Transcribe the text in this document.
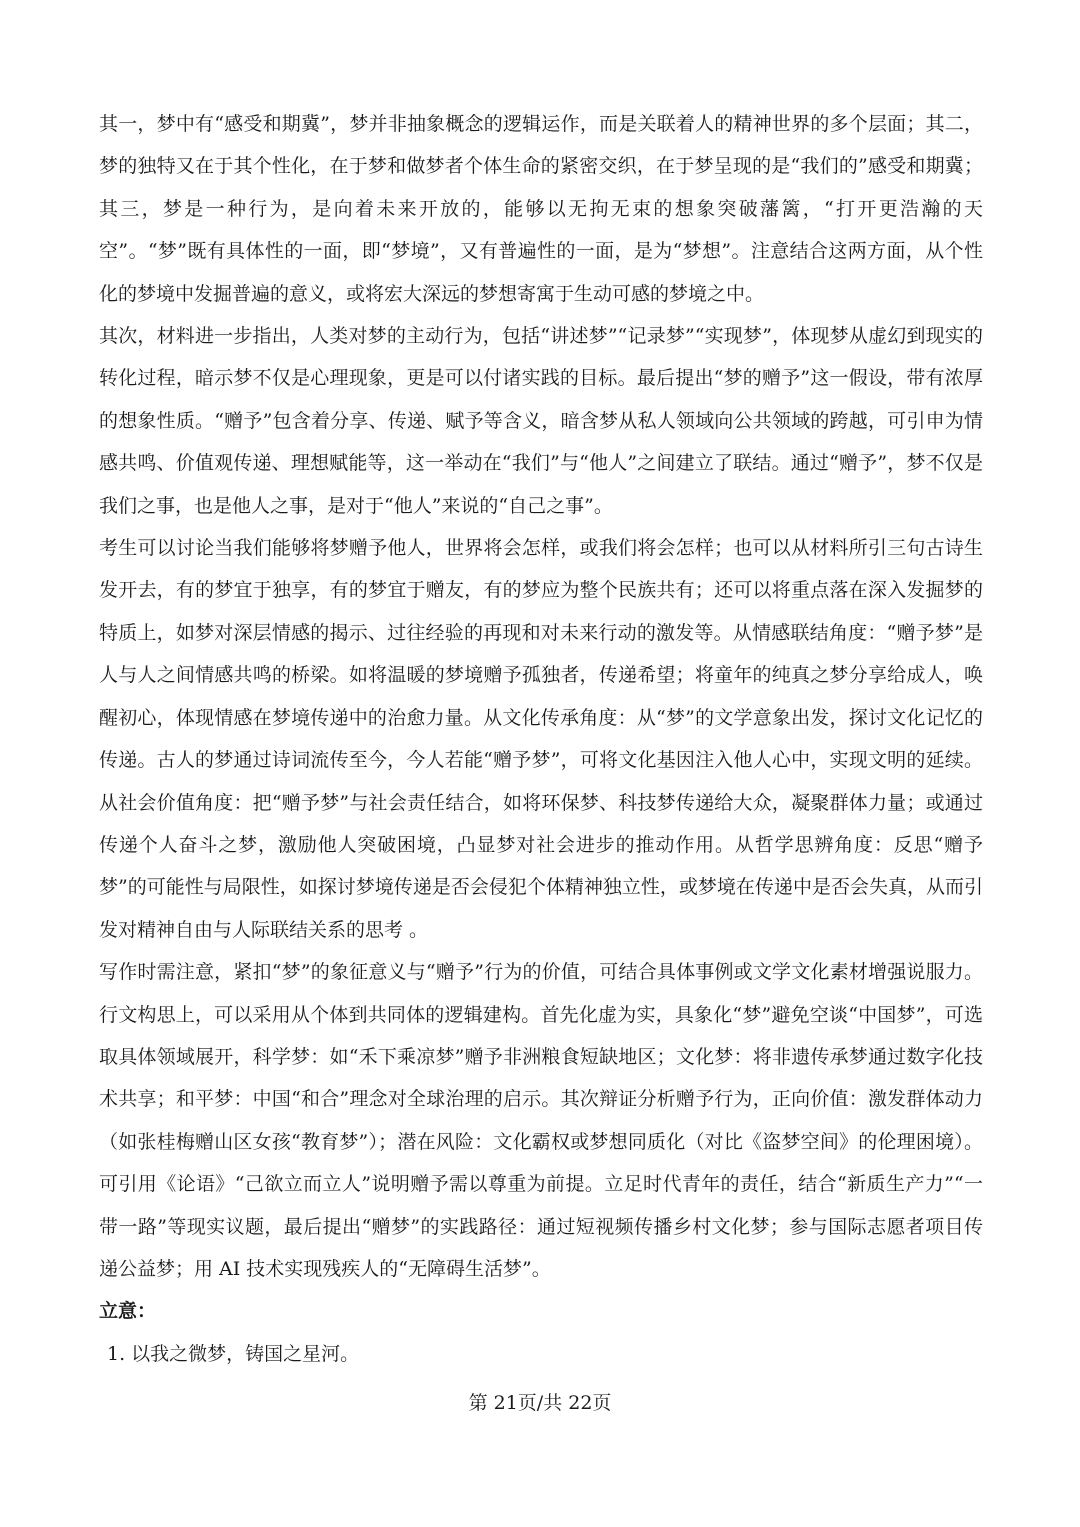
其一，梦中有“感受和期冀”，梦并非抽象概念的逻辑运作，而是关联着人的精神世界的多个层面；其二，梦的独特又在于其个性化，在于梦和做梦者个体生命的紧密交织，在于梦呈现的是“我们的”感受和期冀；其三，梦是一种行为，是向着未来开放的，能够以无拘无束的想象突破藩篱，“打开更浩瀚的天空”。“梦”既有具体性的一面，即“梦境”，又有普遍性的一面，是为“梦想”。注意结合这两方面，从个性化的梦境中发掘普遍的意义，或将宏大深远的梦想寄寓于生动可感的梦境之中。

其次，材料进一步指出，人类对梦的主动行为，包括“讲述梦”“记录梦”“实现梦”，体现梦从虚幻到现实的转化过程，暗示梦不仅是心理现象，更是可以付诸实践的目标。最后提出“梦的赠予”这一假设，带有浓厚的想象性质。“赠予”包含着分享、传递、赋予等含义，暗含梦从私人领域向公共领域的跨越，可引申为情感共鸣、价值观传递、理想赋能等，这一举动在“我们”与“他人”之间建立了联结。通过“赠予”，梦不仅是我们之事，也是他人之事，是对于“他人”来说的“自己之事”。

考生可以讨论当我们能够将梦赠予他人，世界将会怎样，或我们将会怎样；也可以从材料所引三句古诗生发开去，有的梦宜于独享，有的梦宜于赠友，有的梦应为整个民族共有；还可以将重点落在深入发掘梦的特质上，如梦对深层情感的揭示、过往经验的再现和对未来行动的激发等。从情感联结角度：“赠予梦”是人与人之间情感共鸣的桥梁。如将温暖的梦境赠予孤独者，传递希望；将童年的纯真之梦分享给成人，唤醒初心，体现情感在梦境传递中的治愈力量。从文化传承角度：从“梦”的文学意象出发，探讨文化记忆的传递。古人的梦通过诗词流传至今，今人若能“赠予梦”，可将文化基因注入他人心中，实现文明的延续。从社会价值角度：把“赠予梦”与社会责任结合，如将环保梦、科技梦传递给大众，凝聚群体力量；或通过传递个人奋斗之梦，激励他人突破困境，凸显梦对社会进步的推动作用。从哲学思辨角度：反思“赠予梦”的可能性与局限性，如探讨梦境传递是否会侵犯个体精神独立性，或梦境在传递中是否会失真，从而引发对精神自由与人际联结关系的思考 。

写作时需注意，紧扣“梦”的象征意义与“赠予”行为的价值，可结合具体事例或文学文化素材增强说服力。行文构思上，可以采用从个体到共同体的逻辑建构。首先化虚为实，具象化“梦”避免空谈“中国梦”，可选取具体领域展开，科学梦：如“禾下乘凉梦”赠予非洲粮食短缺地区；文化梦：将非遗传承梦通过数字化技术共享；和平梦：中国“和合”理念对全球治理的启示。其次辩证分析赠予行为，正向价值：激发群体动力（如张桂梅赠山区女孩“教育梦”）；潜在风险：文化霸权或梦想同质化（对比《盗梦空间》的伦理困境）。可引用《论语》“己欲立而立人”说明赠予需以尊重为前提。立足时代青年的责任，结合“新质生产力”“一带一路”等现实议题，最后提出“赠梦”的实践路径：通过短视频传播乡村文化梦；参与国际志愿者项目传递公益梦；用 AI 技术实现残疾人的“无障碍生活梦”。

立意：

1. 以我之微梦，铸国之星河。

第 21页/共 22页
